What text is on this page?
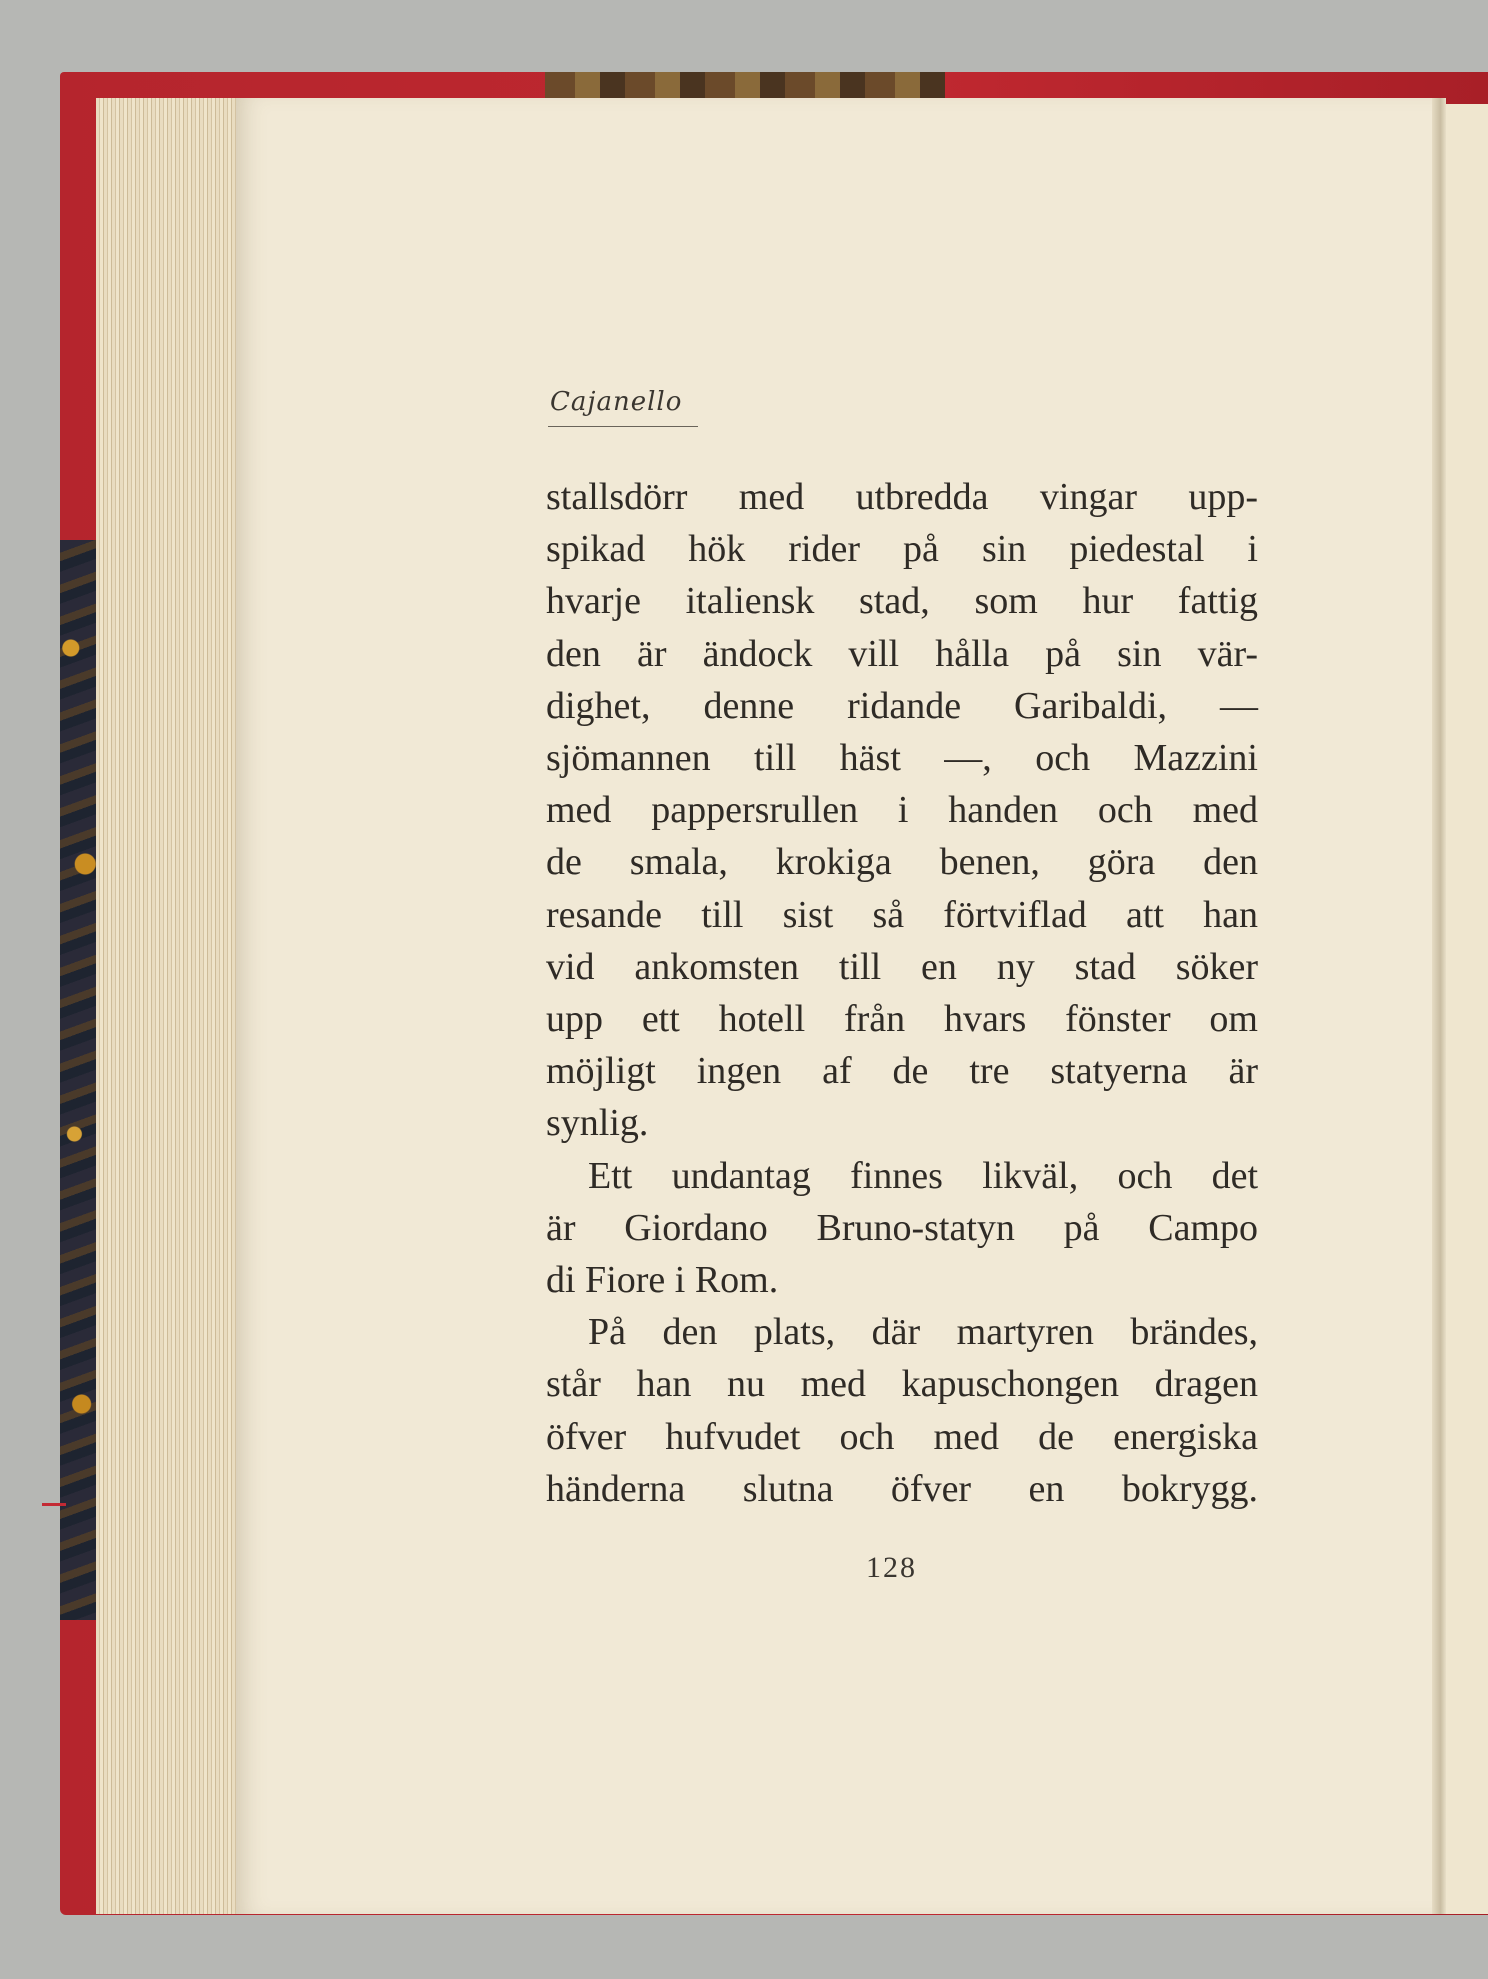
Cajanello

stallsdörr med utbredda vingar upp-

spikad hök rider på sin piedestal i

hvarje italiensk stad, som hur fattig

den är ändock vill hålla på sin vär-

dighet, denne ridande Garibaldi, —

sjömannen till häst —, och Mazzini

med pappersrullen i handen och med

de smala, krokiga benen, göra den

resande till sist så förtviflad att han

vid ankomsten till en ny stad söker

upp ett hotell från hvars fönster om

möjligt ingen af de tre statyerna är

synlig.

Ett undantag finnes likväl, och det

är Giordano Bruno-statyn på Campo

di Fiore i Rom.

På den plats, där martyren brändes,

står han nu med kapuschongen dragen

öfver hufvudet och med de energiska

händerna slutna öfver en bokrygg.

128
